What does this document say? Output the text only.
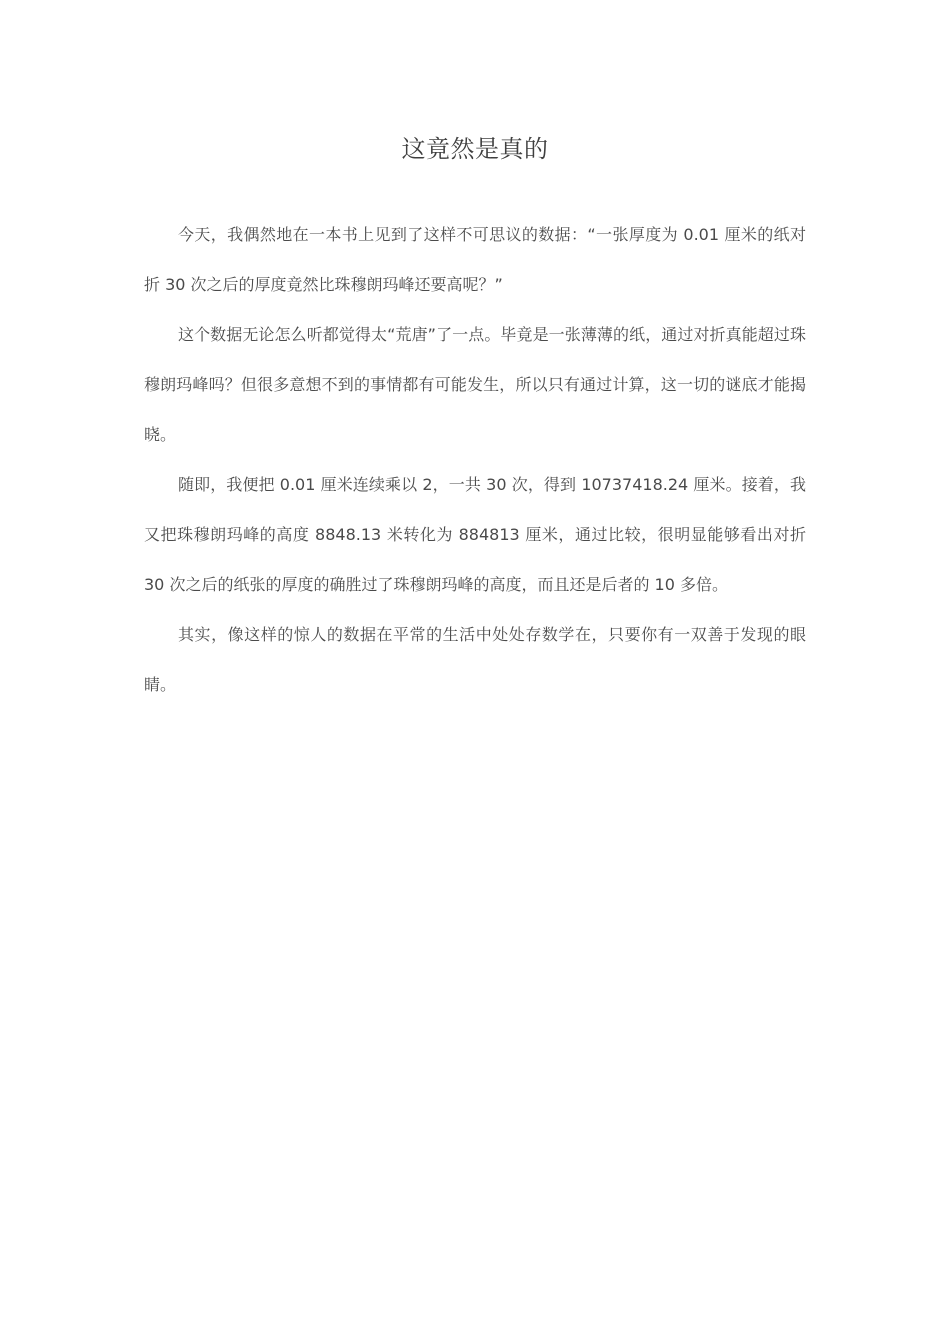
这竟然是真的

今天，我偶然地在一本书上见到了这样不可思议的数据：“一张厚度为 0.01 厘米的纸对折 30 次之后的厚度竟然比珠穆朗玛峰还要高呢？”

这个数据无论怎么听都觉得太“荒唐”了一点。毕竟是一张薄薄的纸，通过对折真能超过珠穆朗玛峰吗？但很多意想不到的事情都有可能发生，所以只有通过计算，这一切的谜底才能揭晓。

随即，我便把 0.01 厘米连续乘以 2，一共 30 次，得到 10737418.24 厘米。接着，我又把珠穆朗玛峰的高度 8848.13 米转化为 884813 厘米，通过比较，很明显能够看出对折 30 次之后的纸张的厚度的确胜过了珠穆朗玛峰的高度，而且还是后者的 10 多倍。

其实，像这样的惊人的数据在平常的生活中处处存数学在，只要你有一双善于发现的眼睛。
